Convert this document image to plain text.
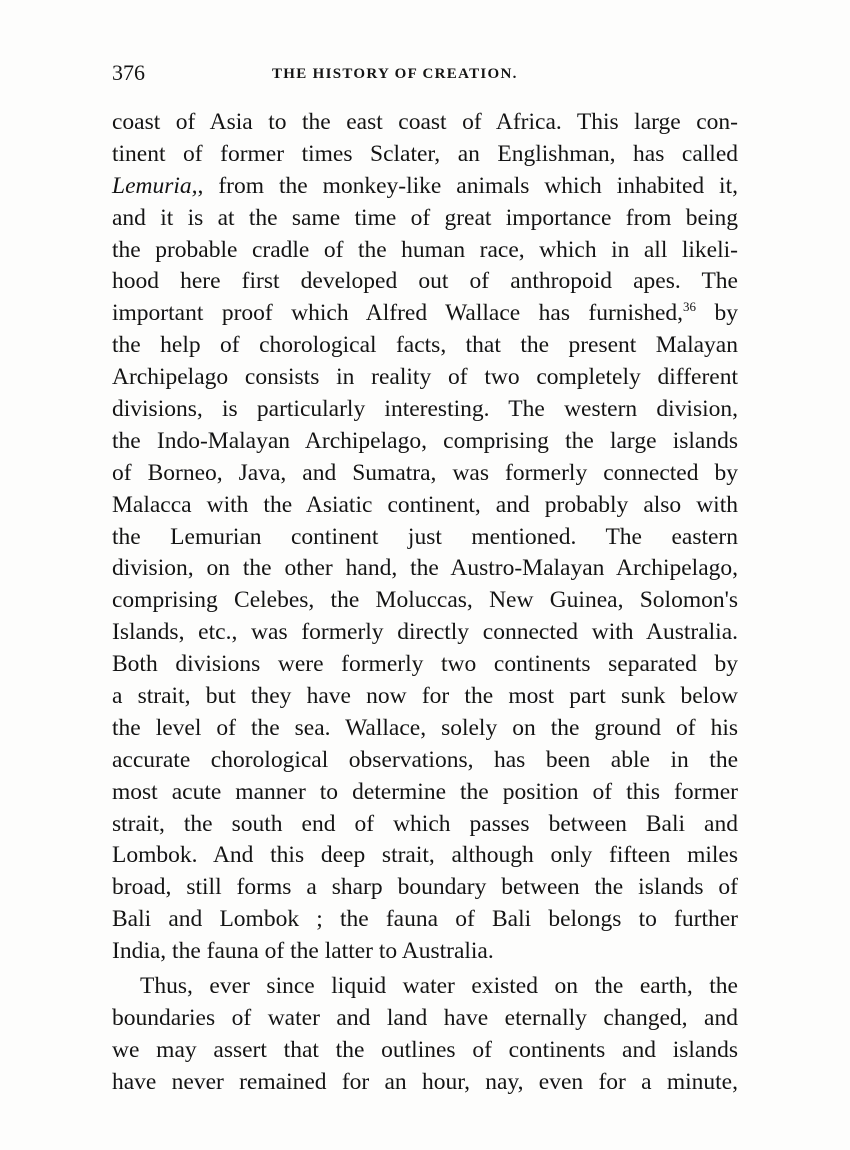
376	THE HISTORY OF CREATION.
coast of Asia to the east coast of Africa. This large con-
tinent of former times Sclater, an Englishman, has called
Lemuria,, from the monkey-like animals which inhabited it,
and it is at the same time of great importance from being
the probable cradle of the human race, which in all likeli-
hood here first developed out of anthropoid apes. The
important proof which Alfred Wallace has furnished,$^{36}$ by
the help of chorological facts, that the present Malayan
Archipelago consists in reality of two completely different
divisions, is particularly interesting. The western division,
the Indo-Malayan Archipelago, comprising the large islands
of Borneo, Java, and Sumatra, was formerly connected by
Malacca with the Asiatic continent, and probably also with
the Lemurian continent just mentioned. The eastern
division, on the other hand, the Austro-Malayan Archipelago,
comprising Celebes, the Moluccas, New Guinea, Solomon's
Islands, etc., was formerly directly connected with Australia.
Both divisions were formerly two continents separated by
a strait, but they have now for the most part sunk below
the level of the sea. Wallace, solely on the ground of his
accurate chorological observations, has been able in the
most acute manner to determine the position of this former
strait, the south end of which passes between Bali and
Lombok. And this deep strait, although only fifteen miles
broad, still forms a sharp boundary between the islands of
Bali and Lombok ; the fauna of Bali belongs to further
India, the fauna of the latter to Australia.
Thus, ever since liquid water existed on the earth, the
boundaries of water and land have eternally changed, and
we may assert that the outlines of continents and islands
have never remained for an hour, nay, even for a minute,
